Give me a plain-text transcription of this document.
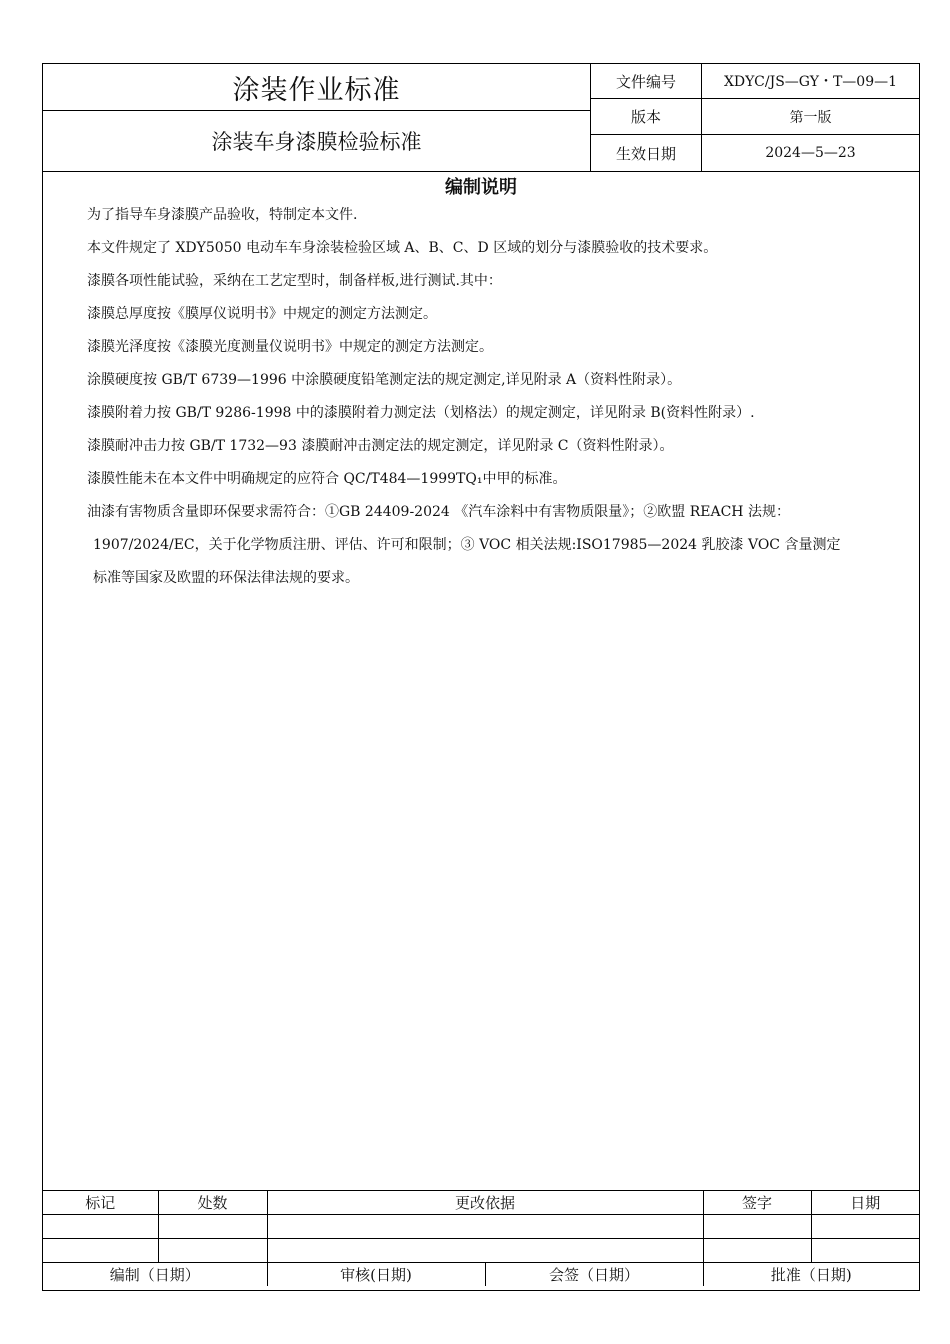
涂装作业标准
涂装车身漆膜检验标准
文件编号	XDYC/JS—GY・T—09—1
版本	第一版
生效日期	2024—5—23
编制说明

为了指导车身漆膜产品验收，特制定本文件.

本文件规定了 XDY5050 电动车车身涂装检验区域 A、B、C、D 区域的划分与漆膜验收的技术要求。

漆膜各项性能试验，采纳在工艺定型时，制备样板,进行测试.其中：

漆膜总厚度按《膜厚仪说明书》中规定的测定方法测定。

漆膜光泽度按《漆膜光度测量仪说明书》中规定的测定方法测定。

涂膜硬度按 GB/T 6739—1996 中涂膜硬度铅笔测定法的规定测定,详见附录 A（资料性附录）。

漆膜附着力按 GB/T 9286-1998 中的漆膜附着力测定法（划格法）的规定测定，详见附录 B(资料性附录）.

漆膜耐冲击力按 GB/T 1732—93 漆膜耐冲击测定法的规定测定，详见附录 C（资料性附录）。

漆膜性能未在本文件中明确规定的应符合 QC/T484—1999TQ₁中甲的标准。

油漆有害物质含量即环保要求需符合：①GB 24409-2024 《汽车涂料中有害物质限量》；②欧盟 REACH 法规：

1907/2024/EC，关于化学物质注册、评估、许可和限制；③ VOC 相关法规:ISO17985—2024 乳胶漆 VOC 含量测定

标准等国家及欧盟的环保法律法规的要求。

标记	处数	更改依据		签字	日期

编制（日期）		审核(日期)	会签（日期）	批准（日期)	
